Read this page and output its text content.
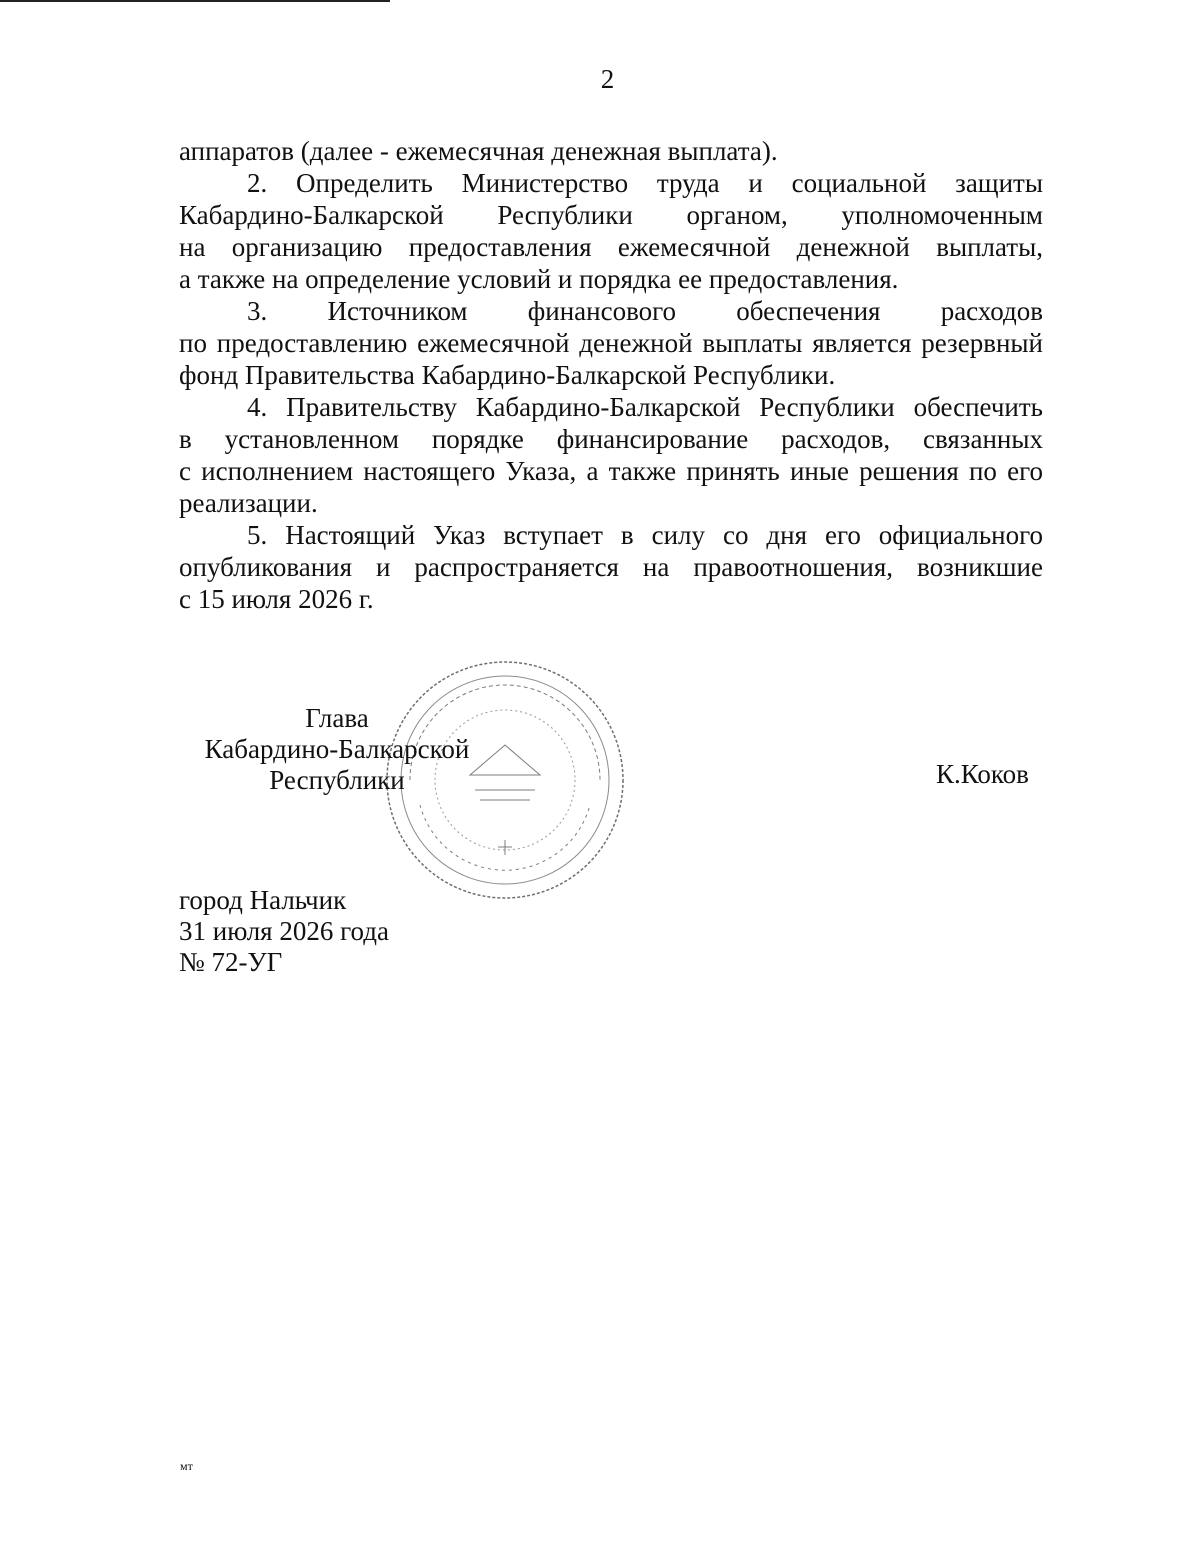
2

аппаратов (далее - ежемесячная денежная выплата).

2. Определить Министерство труда и социальной защиты

Кабардино-Балкарской Республики органом, уполномоченным

на организацию предоставления ежемесячной денежной выплаты,

а также на определение условий и порядка ее предоставления.

3. Источником финансового обеспечения расходов

по предоставлению ежемесячной денежной выплаты является резервный

фонд Правительства Кабардино-Балкарской Республики.

4. Правительству Кабардино-Балкарской Республики обеспечить

в установленном порядке финансирование расходов, связанных

с исполнением настоящего Указа, а также принять иные решения по его

реализации.

5. Настоящий Указ вступает в силу со дня его официального

опубликования и распространяется на правоотношения, возникшие

с 15 июля 2026 г.

Глава
Кабардино-Балкарской
Республики	К.Коков
город Нальчик
31 июля 2026 года
№ 72-УГ
мт
